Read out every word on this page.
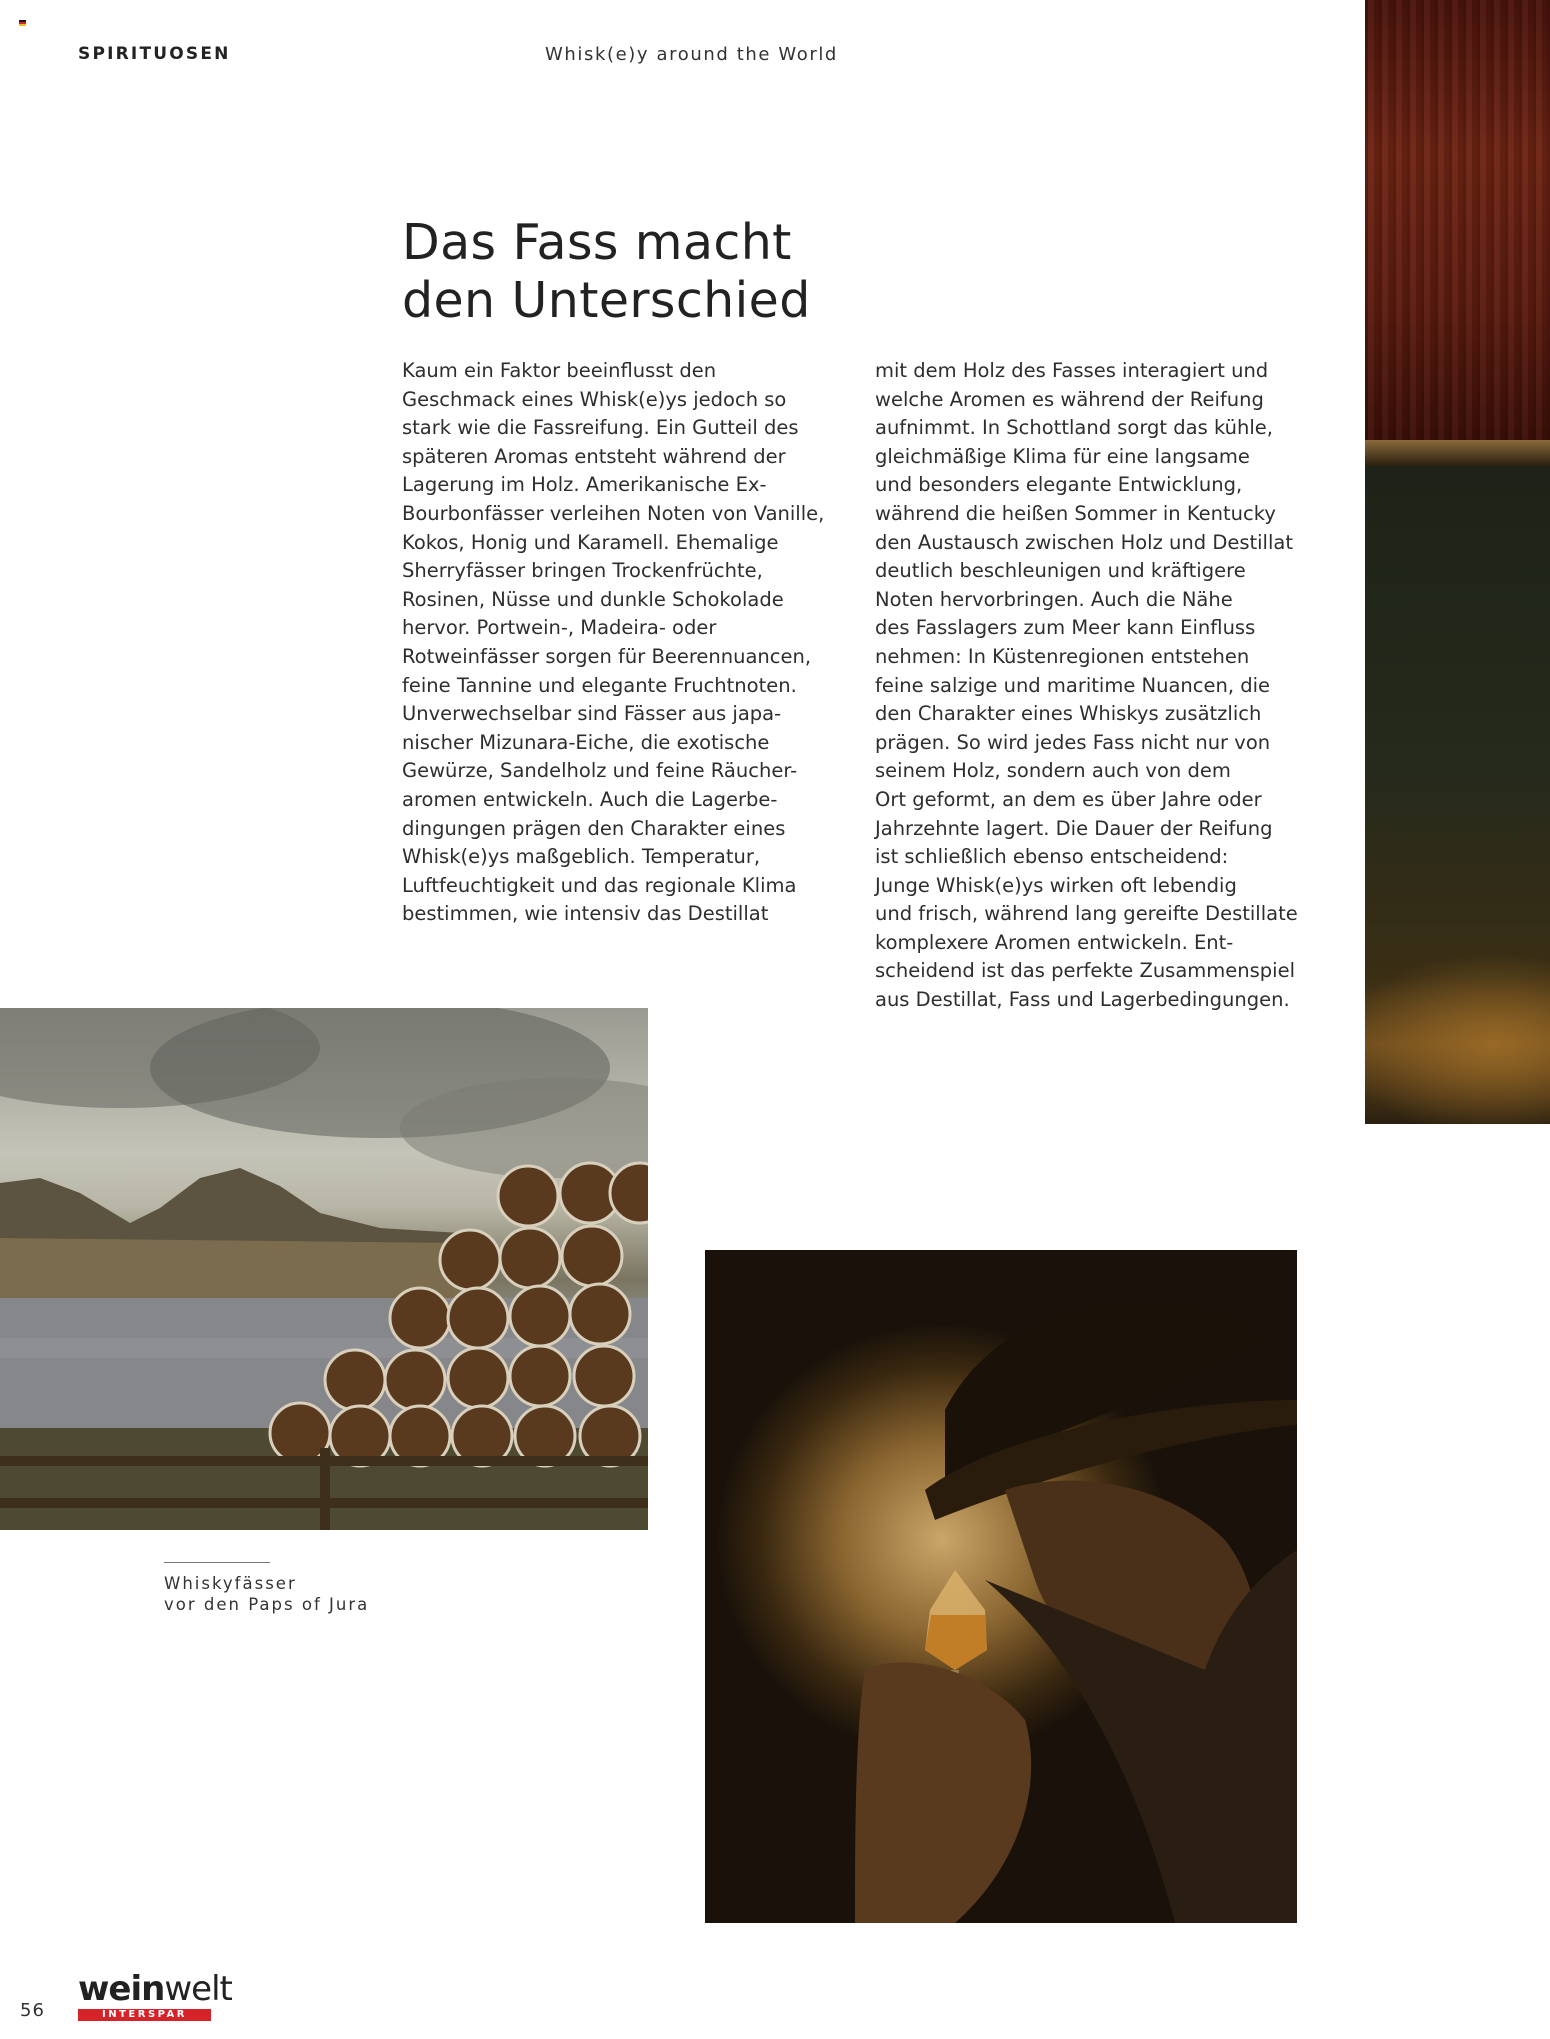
SPIRITUOSEN	Whisk(e)y around the World
Das Fass macht
den Unterschied

Kaum ein Faktor beeinflusst den

Geschmack eines Whisk(e)ys jedoch so

stark wie die Fassreifung. Ein Gutteil des

späteren Aromas entsteht während der

Lagerung im Holz. Amerikanische Ex-

Bourbonfässer verleihen Noten von Vanille,

Kokos, Honig und Karamell. Ehemalige

Sherryfässer bringen Trockenfrüchte,

Rosinen, Nüsse und dunkle Schokolade

hervor. Portwein-, Madeira- oder

Rotweinfässer sorgen für Beerennuancen,

feine Tannine und elegante Fruchtnoten.

Unverwechselbar sind Fässer aus japa-

nischer Mizunara-Eiche, die exotische

Gewürze, Sandelholz und feine Räucher-

aromen entwickeln. Auch die Lagerbe-

dingungen prägen den Charakter eines

Whisk(e)ys maßgeblich. Temperatur,

Luftfeuchtigkeit und das regionale Klima

bestimmen, wie intensiv das Destillat

mit dem Holz des Fasses interagiert und

welche Aromen es während der Reifung

aufnimmt. In Schottland sorgt das kühle,

gleichmäßige Klima für eine langsame

und besonders elegante Entwicklung,

während die heißen Sommer in Kentucky

den Austausch zwischen Holz und Destillat

deutlich beschleunigen und kräftigere

Noten hervorbringen. Auch die Nähe

des Fasslagers zum Meer kann Einfluss

nehmen: In Küstenregionen entstehen

feine salzige und maritime Nuancen, die

den Charakter eines Whiskys zusätzlich

prägen. So wird jedes Fass nicht nur von

seinem Holz, sondern auch von dem

Ort geformt, an dem es über Jahre oder

Jahrzehnte lagert. Die Dauer der Reifung

ist schließlich ebenso entscheidend:

Junge Whisk(e)ys wirken oft lebendig

und frisch, während lang gereifte Destillate

komplexere Aromen entwickeln. Ent-

scheidend ist das perfekte Zusammenspiel

aus Destillat, Fass und Lagerbedingungen.

Whiskyfässer
vor den Paps of Jura
56
weinwelt
INTERSPAR
